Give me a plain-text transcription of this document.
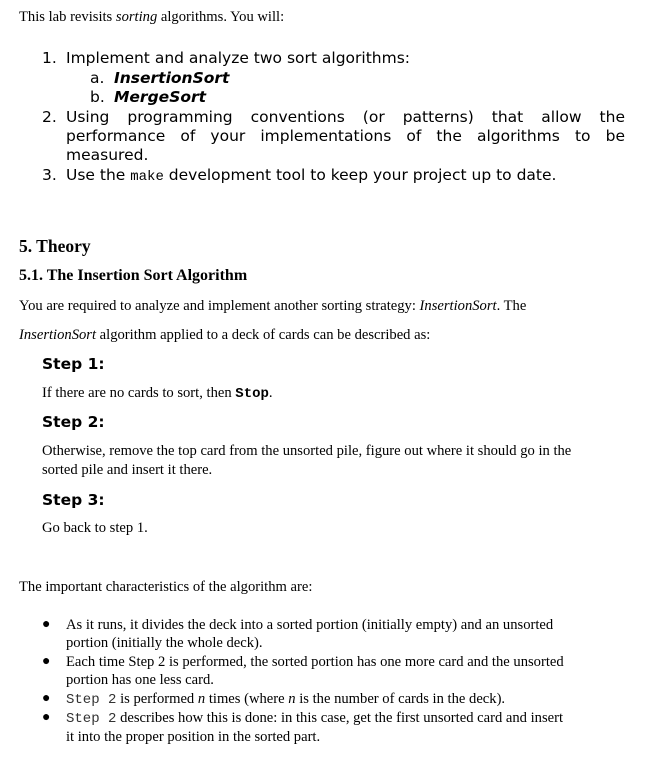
This lab revisits sorting algorithms. You will:
1. Implement and analyze two sort algorithms:
a. InsertionSort
b. MergeSort
2. Using programming conventions (or patterns) that allow the
performance of your implementations of the algorithms to be
measured.
3. Use the make development tool to keep your project up to date.
5. Theory
5.1. The Insertion Sort Algorithm
You are required to analyze and implement another sorting strategy: InsertionSort. The
InsertionSort algorithm applied to a deck of cards can be described as:
Step 1:
If there are no cards to sort, then Stop.
Step 2:
Otherwise, remove the top card from the unsorted pile, figure out where it should go in the
sorted pile and insert it there.
Step 3:
Go back to step 1.
The important characteristics of the algorithm are:
● As it runs, it divides the deck into a sorted portion (initially empty) and an unsorted
portion (initially the whole deck).
● Each time Step 2 is performed, the sorted portion has one more card and the unsorted
portion has one less card.
● Step 2 is performed n times (where n is the number of cards in the deck).
● Step 2 describes how this is done: in this case, get the first unsorted card and insert
it into the proper position in the sorted part.
